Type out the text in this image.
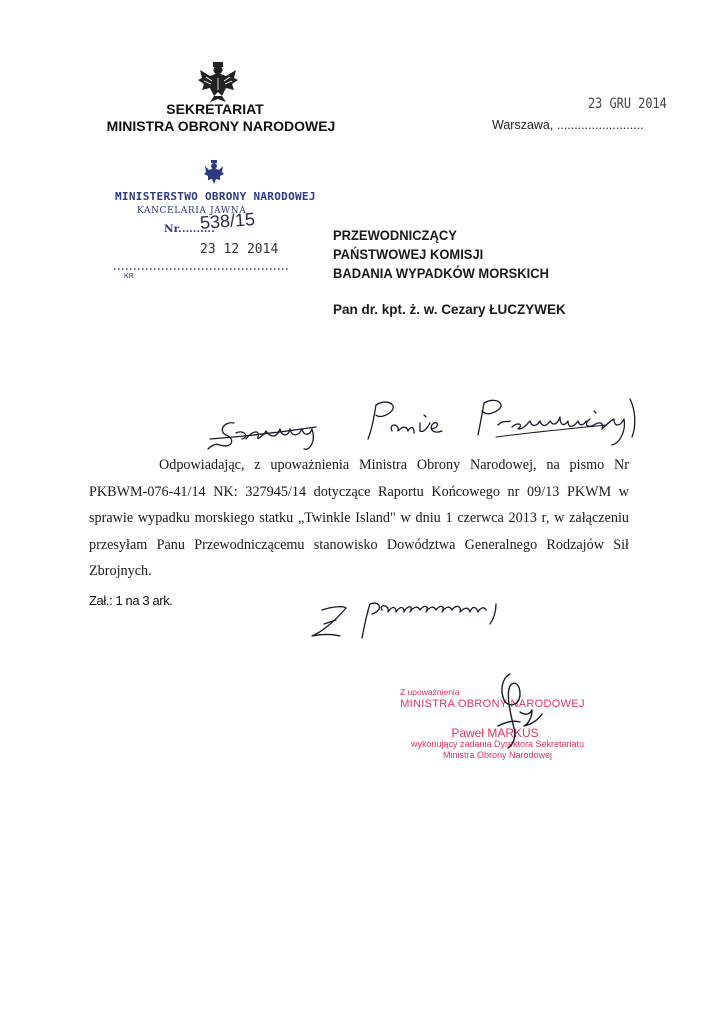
SEKRETARIAT
MINISTRA OBRONY NARODOWEJ
23 GRU 2014
Warszawa, .........................
MINISTERSTWO OBRONY NARODOWEJ
KANCELARIA JAWNA
Nr..........
538/15
23 12 2014
KR
PRZEWODNICZĄCY
PAŃSTWOWEJ KOMISJI
BADANIA WYPADKÓW MORSKICH
Pan dr. kpt. ż. w. Cezary ŁUCZYWEK

Odpowiadając, z upoważnienia Ministra Obrony Narodowej, na pismo Nr PKBWM-076-41/14 NK: 327945/14 dotyczące Raportu Końcowego nr 09/13 PKWM w sprawie wypadku morskiego statku „Twinkle Island" w dniu 1 czerwca 2013 r, w załączeniu przesyłam Panu Przewodniczącemu stanowisko Dowództwa Generalnego Rodzajów Sił Zbrojnych.

Zał.: 1 na 3 ark.
Z upoważnienia
MINISTRA OBRONY NARODOWEJ
Paweł MARKUS
wykonujący zadania Dyrektora Sekretariatu
Ministra Obrony Narodowej
